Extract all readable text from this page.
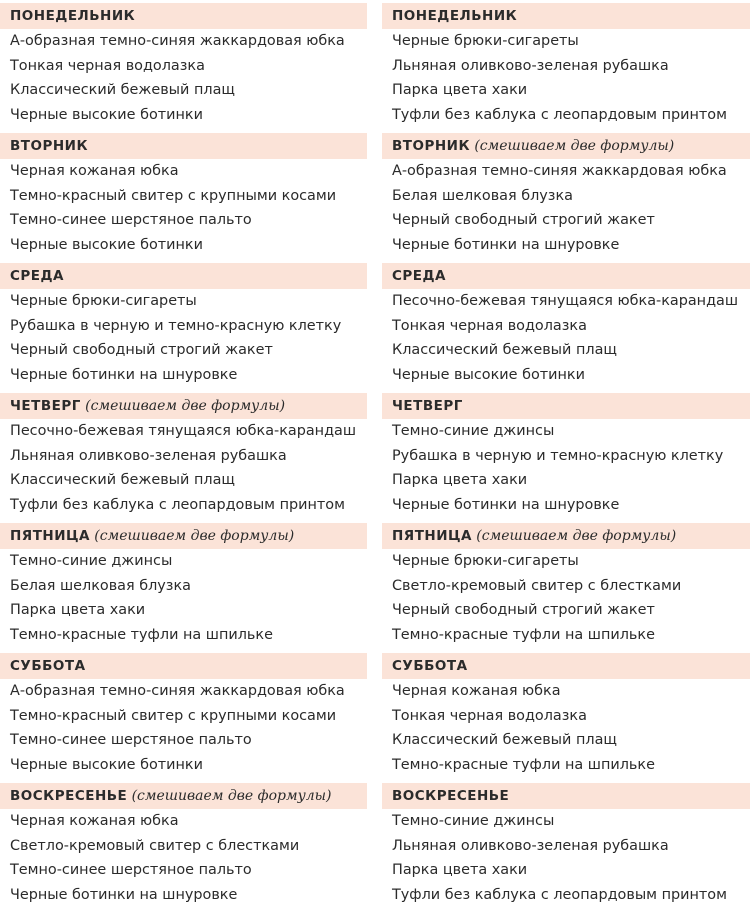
ПОНЕДЕЛЬНИК
А-образная темно-синяя жаккардовая юбка
Тонкая черная водолазка
Классический бежевый плащ
Черные высокие ботинки
ВТОРНИК
Черная кожаная юбка
Темно-красный свитер с крупными косами
Темно-синее шерстяное пальто
Черные высокие ботинки
СРЕДА
Черные брюки-сигареты
Рубашка в черную и темно-красную клетку
Черный свободный строгий жакет
Черные ботинки на шнуровке
ЧЕТВЕРГ (смешиваем две формулы)
Песочно-бежевая тянущаяся юбка-карандаш
Льняная оливково-зеленая рубашка
Классический бежевый плащ
Туфли без каблука с леопардовым принтом
ПЯТНИЦА (смешиваем две формулы)
Темно-синие джинсы
Белая шелковая блузка
Парка цвета хаки
Темно-красные туфли на шпильке
СУББОТА
А-образная темно-синяя жаккардовая юбка
Темно-красный свитер с крупными косами
Темно-синее шерстяное пальто
Черные высокие ботинки
ВОСКРЕСЕНЬЕ (смешиваем две формулы)
Черная кожаная юбка
Светло-кремовый свитер с блестками
Темно-синее шерстяное пальто
Черные ботинки на шнуровке
ПОНЕДЕЛЬНИК
Черные брюки-сигареты
Льняная оливково-зеленая рубашка
Парка цвета хаки
Туфли без каблука с леопардовым принтом
ВТОРНИК (смешиваем две формулы)
А-образная темно-синяя жаккардовая юбка
Белая шелковая блузка
Черный свободный строгий жакет
Черные ботинки на шнуровке
СРЕДА
Песочно-бежевая тянущаяся юбка-карандаш
Тонкая черная водолазка
Классический бежевый плащ
Черные высокие ботинки
ЧЕТВЕРГ
Темно-синие джинсы
Рубашка в черную и темно-красную клетку
Парка цвета хаки
Черные ботинки на шнуровке
ПЯТНИЦА (смешиваем две формулы)
Черные брюки-сигареты
Светло-кремовый свитер с блестками
Черный свободный строгий жакет
Темно-красные туфли на шпильке
СУББОТА
Черная кожаная юбка
Тонкая черная водолазка
Классический бежевый плащ
Темно-красные туфли на шпильке
ВОСКРЕСЕНЬЕ
Темно-синие джинсы
Льняная оливково-зеленая рубашка
Парка цвета хаки
Туфли без каблука с леопардовым принтом
